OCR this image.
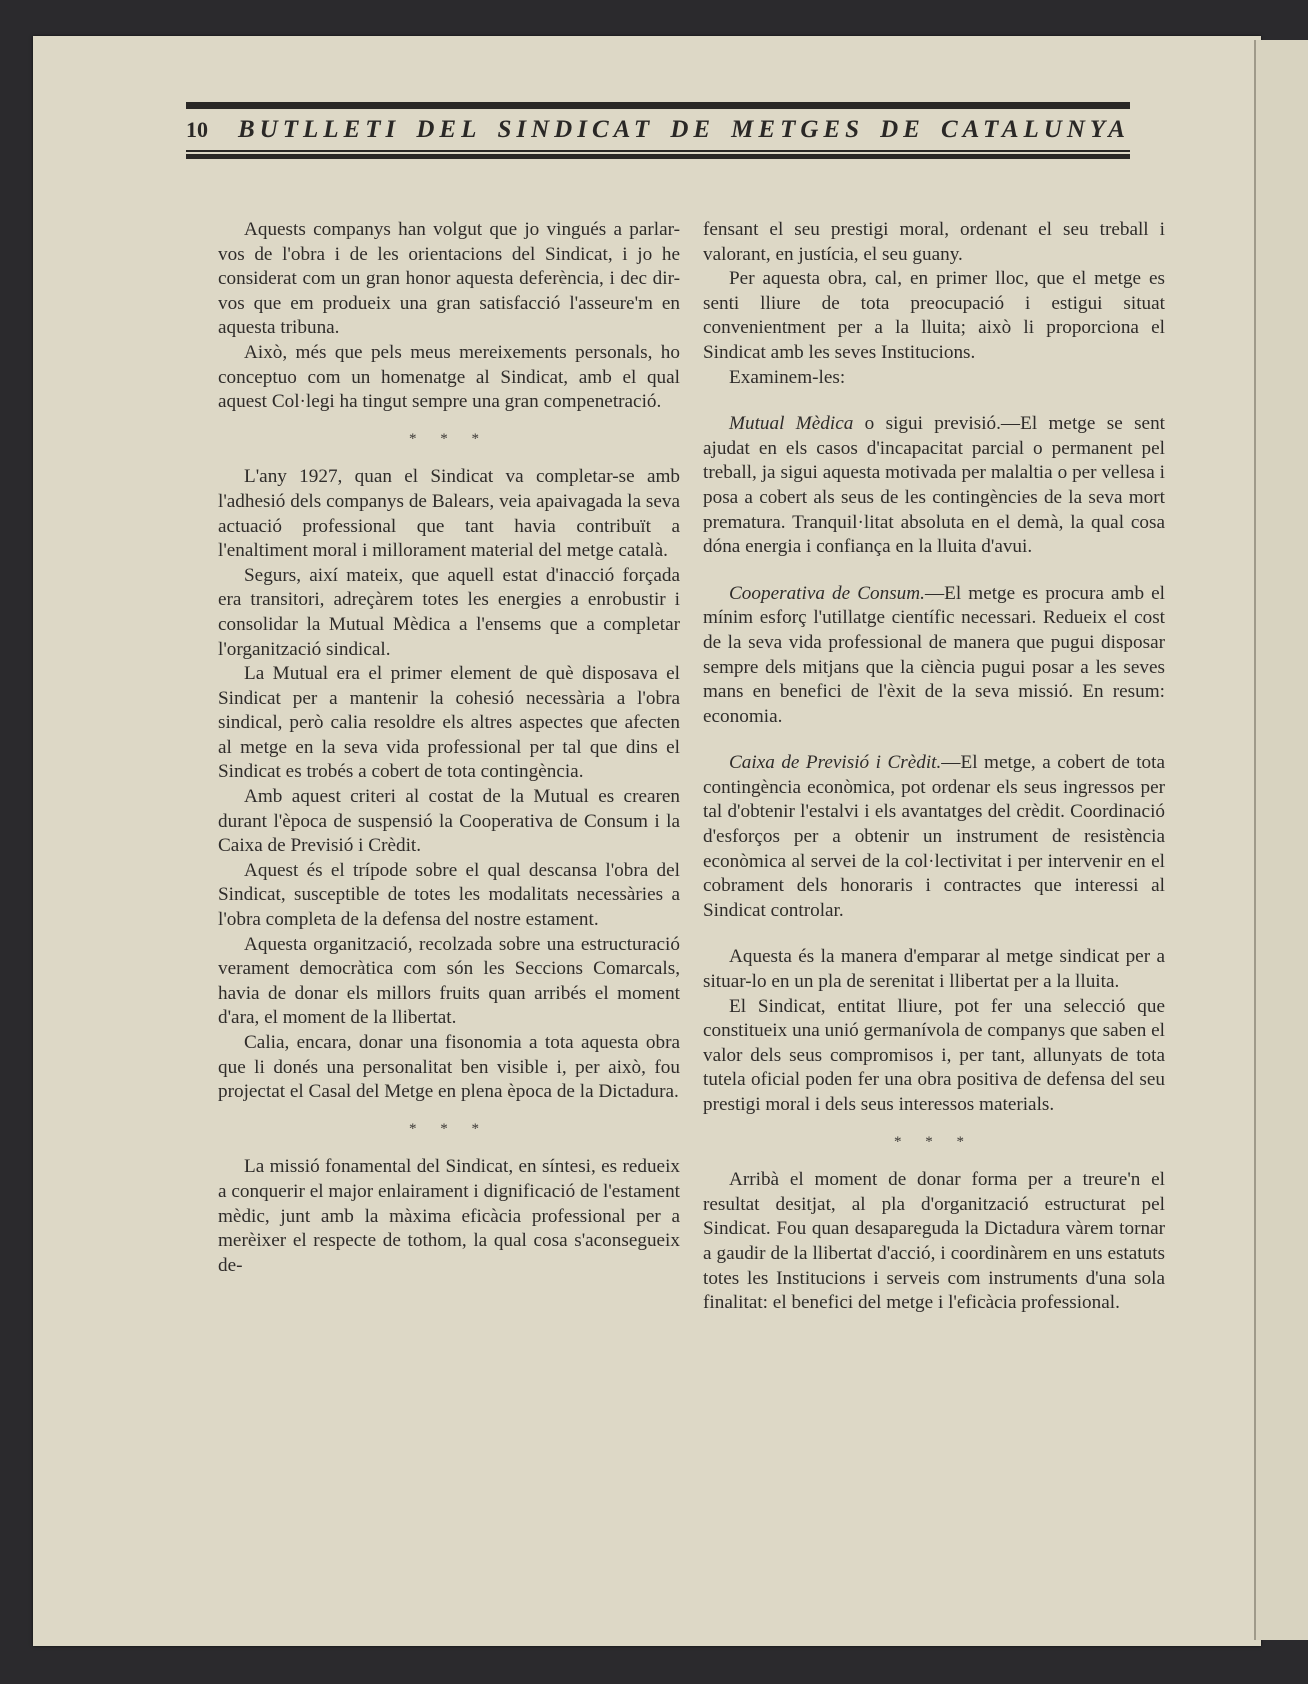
10 BUTLLETI DEL SINDICAT DE METGES DE CATALUNYA

Aquests companys han volgut que jo vingués a parlar-vos de l'obra i de les orientacions del Sindicat, i jo he considerat com un gran honor aquesta deferència, i dec dir-vos que em produeix una gran satisfacció l'asseure'm en aquesta tribuna.

Això, més que pels meus mereixements personals, ho conceptuo com un homenatge al Sindicat, amb el qual aquest Col·legi ha tingut sempre una gran compenetració.

* * *

L'any 1927, quan el Sindicat va completar-se amb l'adhesió dels companys de Balears, veia apaivagada la seva actuació professional que tant havia contribuït a l'enaltiment moral i millorament material del metge català.

Segurs, així mateix, que aquell estat d'inacció forçada era transitori, adreçàrem totes les energies a enrobustir i consolidar la Mutual Mèdica a l'ensems que a completar l'organització sindical.

La Mutual era el primer element de què disposava el Sindicat per a mantenir la cohesió necessària a l'obra sindical, però calia resoldre els altres aspectes que afecten al metge en la seva vida professional per tal que dins el Sindicat es trobés a cobert de tota contingència.

Amb aquest criteri al costat de la Mutual es crearen durant l'època de suspensió la Cooperativa de Consum i la Caixa de Previsió i Crèdit.

Aquest és el trípode sobre el qual descansa l'obra del Sindicat, susceptible de totes les modalitats necessàries a l'obra completa de la defensa del nostre estament.

Aquesta organització, recolzada sobre una estructuració verament democràtica com són les Seccions Comarcals, havia de donar els millors fruits quan arribés el moment d'ara, el moment de la llibertat.

Calia, encara, donar una fisonomia a tota aquesta obra que li donés una personalitat ben visible i, per això, fou projectat el Casal del Metge en plena època de la Dictadura.

* * *

La missió fonamental del Sindicat, en síntesi, es redueix a conquerir el major enlairament i dignificació de l'estament mèdic, junt amb la màxima eficàcia professional per a merèixer el respecte de tothom, la qual cosa s'aconsegueix de-

fensant el seu prestigi moral, ordenant el seu treball i valorant, en justícia, el seu guany.

Per aquesta obra, cal, en primer lloc, que el metge es senti lliure de tota preocupació i estigui situat convenientment per a la lluita; això li proporciona el Sindicat amb les seves Institucions.

Examinem-les:

Mutual Mèdica o sigui previsió.—El metge se sent ajudat en els casos d'incapacitat parcial o permanent pel treball, ja sigui aquesta motivada per malaltia o per vellesa i posa a cobert als seus de les contingències de la seva mort prematura. Tranquil·litat absoluta en el demà, la qual cosa dóna energia i confiança en la lluita d'avui.

Cooperativa de Consum.—El metge es procura amb el mínim esforç l'utillatge científic necessari. Redueix el cost de la seva vida professional de manera que pugui disposar sempre dels mitjans que la ciència pugui posar a les seves mans en benefici de l'èxit de la seva missió. En resum: economia.

Caixa de Previsió i Crèdit.—El metge, a cobert de tota contingència econòmica, pot ordenar els seus ingressos per tal d'obtenir l'estalvi i els avantatges del crèdit. Coordinació d'esforços per a obtenir un instrument de resistència econòmica al servei de la col·lectivitat i per intervenir en el cobrament dels honoraris i contractes que interessi al Sindicat controlar.

Aquesta és la manera d'emparar al metge sindicat per a situar-lo en un pla de serenitat i llibertat per a la lluita.

El Sindicat, entitat lliure, pot fer una selecció que constitueix una unió germanívola de companys que saben el valor dels seus compromisos i, per tant, allunyats de tota tutela oficial poden fer una obra positiva de defensa del seu prestigi moral i dels seus interessos materials.

* * *

Arribà el moment de donar forma per a treure'n el resultat desitjat, al pla d'organització estructurat pel Sindicat. Fou quan desapareguda la Dictadura vàrem tornar a gaudir de la llibertat d'acció, i coordinàrem en uns estatuts totes les Institucions i serveis com instruments d'una sola finalitat: el benefici del metge i l'eficàcia professional.
